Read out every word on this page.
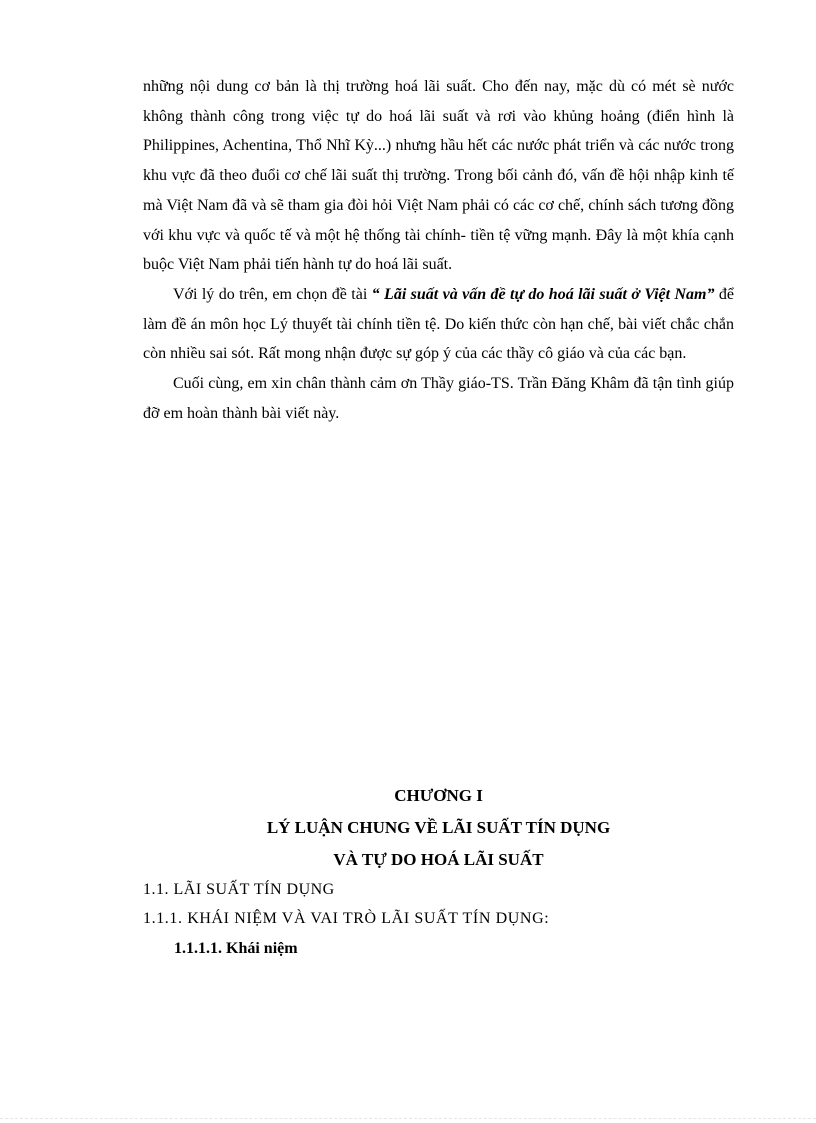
những nội dung cơ bản là thị trường hoá lãi suất. Cho đến nay, mặc dù có mét sè nước không thành công trong việc tự do hoá lãi suất và rơi vào khủng hoảng (điển hình là Philippines, Achentina, Thổ Nhĩ Kỳ...) nhưng hầu hết các nước phát triển và các nước trong khu vực đã theo đuổi cơ chế lãi suất thị trường. Trong bối cảnh đó, vấn đề hội nhập kinh tế mà Việt Nam đã và sẽ tham gia đòi hỏi Việt Nam phải có các cơ chế, chính sách tương đồng với khu vực và quốc tế và một hệ thống tài chính- tiền tệ vững mạnh. Đây là một khía cạnh buộc Việt Nam phải tiến hành tự do hoá lãi suất.

Với lý do trên, em chọn đề tài “ Lãi suất và vấn đề tự do hoá lãi suất ở Việt Nam” để làm đề án môn học Lý thuyết tài chính tiền tệ. Do kiến thức còn hạn chế, bài viết chắc chắn còn nhiều sai sót. Rất mong nhận được sự góp ý của các thầy cô giáo và của các bạn.

Cuối cùng, em xin chân thành cảm ơn Thầy giáo-TS. Trần Đăng Khâm đã tận tình giúp đỡ em hoàn thành bài viết này.

CHƯƠNG I
LÝ LUẬN CHUNG VỀ LÃI SUẤT TÍN DỤNG
VÀ TỰ DO HOÁ LÃI SUẤT
1.1. LÃI SUẤT TÍN DỤNG
1.1.1. KHÁI NIỆM VÀ VAI TRÒ LÃI SUẤT TÍN DỤNG:
1.1.1.1. Khái niệm
